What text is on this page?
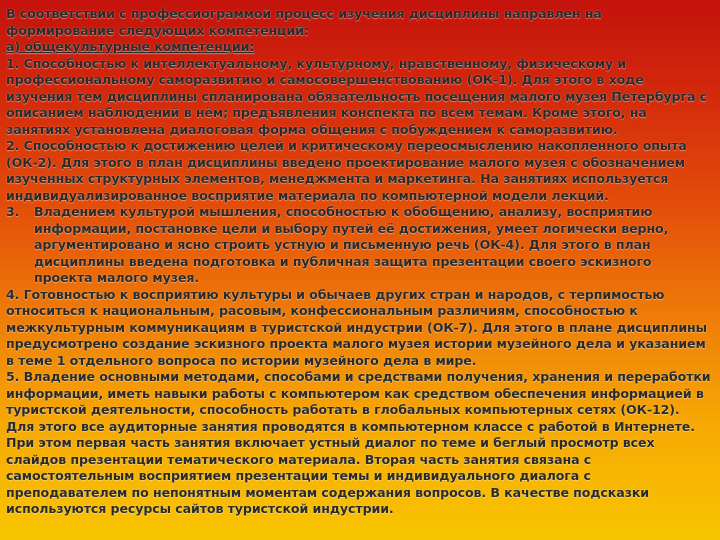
В соответствии с профессиограммой процесс изучения дисциплины направлен на формирование следующих компетенций:

а) общекультурные компетенции:

1. Способностью к интеллектуальному, культурному, нравственному, физическому и профессиональному саморазвитию и самосовершенствованию (ОК-1). Для этого в ходе изучения тем дисциплины спланирована обязательность посещения малого музея Петербурга с описанием наблюдений в нём; предъявления конспекта по всем темам. Кроме этого, на занятиях установлена диалоговая форма общения с побуждением к саморазвитию.

2. Способностью к достижению целей и критическому переосмыслению накопленного опыта (ОК-2). Для этого в план дисциплины введено проектирование малого музея с обозначением изученных структурных элементов, менеджмента и маркетинга. На занятиях используется индивидуализированное восприятие материала по компьютерной модели лекций.

3. Владением культурой мышления, способностью к обобщению, анализу, восприятию информации, постановке цели и выбору путей её достижения, умеет логически верно, аргументировано и ясно строить устную и письменную речь (ОК-4). Для этого в план дисциплины введена подготовка и публичная защита презентации своего эскизного проекта малого музея.

4. Готовностью к восприятию культуры и обычаев других стран и народов, с терпимостью относиться к национальным, расовым, конфессиональным различиям, способностью к межкультурным коммуникациям в туристской индустрии (ОК-7). Для этого в плане дисциплины предусмотрено создание эскизного проекта малого музея истории музейного дела и указанием в теме 1 отдельного вопроса по истории музейного дела в мире.

5. Владение основными методами, способами и средствами получения, хранения и переработки информации, иметь навыки работы с компьютером как средством обеспечения информацией в туристской деятельности, способность работать в глобальных компьютерных сетях (ОК-12).

Для этого все аудиторные занятия проводятся в компьютерном классе с работой в Интернете. При этом первая часть занятия включает устный диалог по теме и беглый просмотр всех слайдов презентации тематического материала. Вторая часть занятия связана с самостоятельным восприятием презентации темы и индивидуального диалога с преподавателем по непонятным моментам содержания вопросов. В качестве подсказки используются ресурсы сайтов туристской индустрии.
